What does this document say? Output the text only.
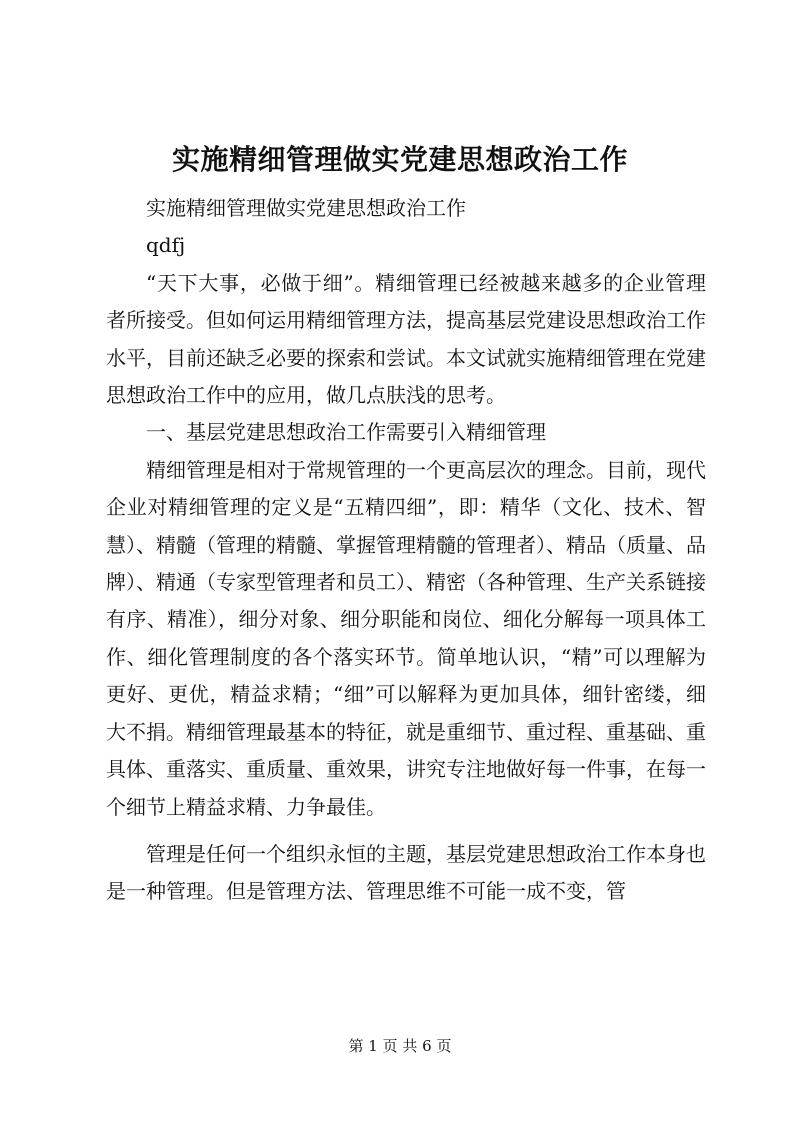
实施精细管理做实党建思想政治工作

实施精细管理做实党建思想政治工作

qdfj

“天下大事，必做于细”。精细管理已经被越来越多的企业管理者所接受。但如何运用精细管理方法，提高基层党建设思想政治工作水平，目前还缺乏必要的探索和尝试。本文试就实施精细管理在党建思想政治工作中的应用，做几点肤浅的思考。

一、基层党建思想政治工作需要引入精细管理

精细管理是相对于常规管理的一个更高层次的理念。目前，现代企业对精细管理的定义是“五精四细”，即：精华（文化、技术、智慧）、精髓（管理的精髓、掌握管理精髓的管理者）、精品（质量、品牌）、精通（专家型管理者和员工）、精密（各种管理、生产关系链接有序、精准），细分对象、细分职能和岗位、细化分解每一项具体工作、细化管理制度的各个落实环节。简单地认识，“精”可以理解为更好、更优，精益求精；“细”可以解释为更加具体，细针密缕，细大不捐。精细管理最基本的特征，就是重细节、重过程、重基础、重具体、重落实、重质量、重效果，讲究专注地做好每一件事，在每一个细节上精益求精、力争最佳。

管理是任何一个组织永恒的主题，基层党建思想政治工作本身也是一种管理。但是管理方法、管理思维不可能一成不变，管

第 1 页 共 6 页
